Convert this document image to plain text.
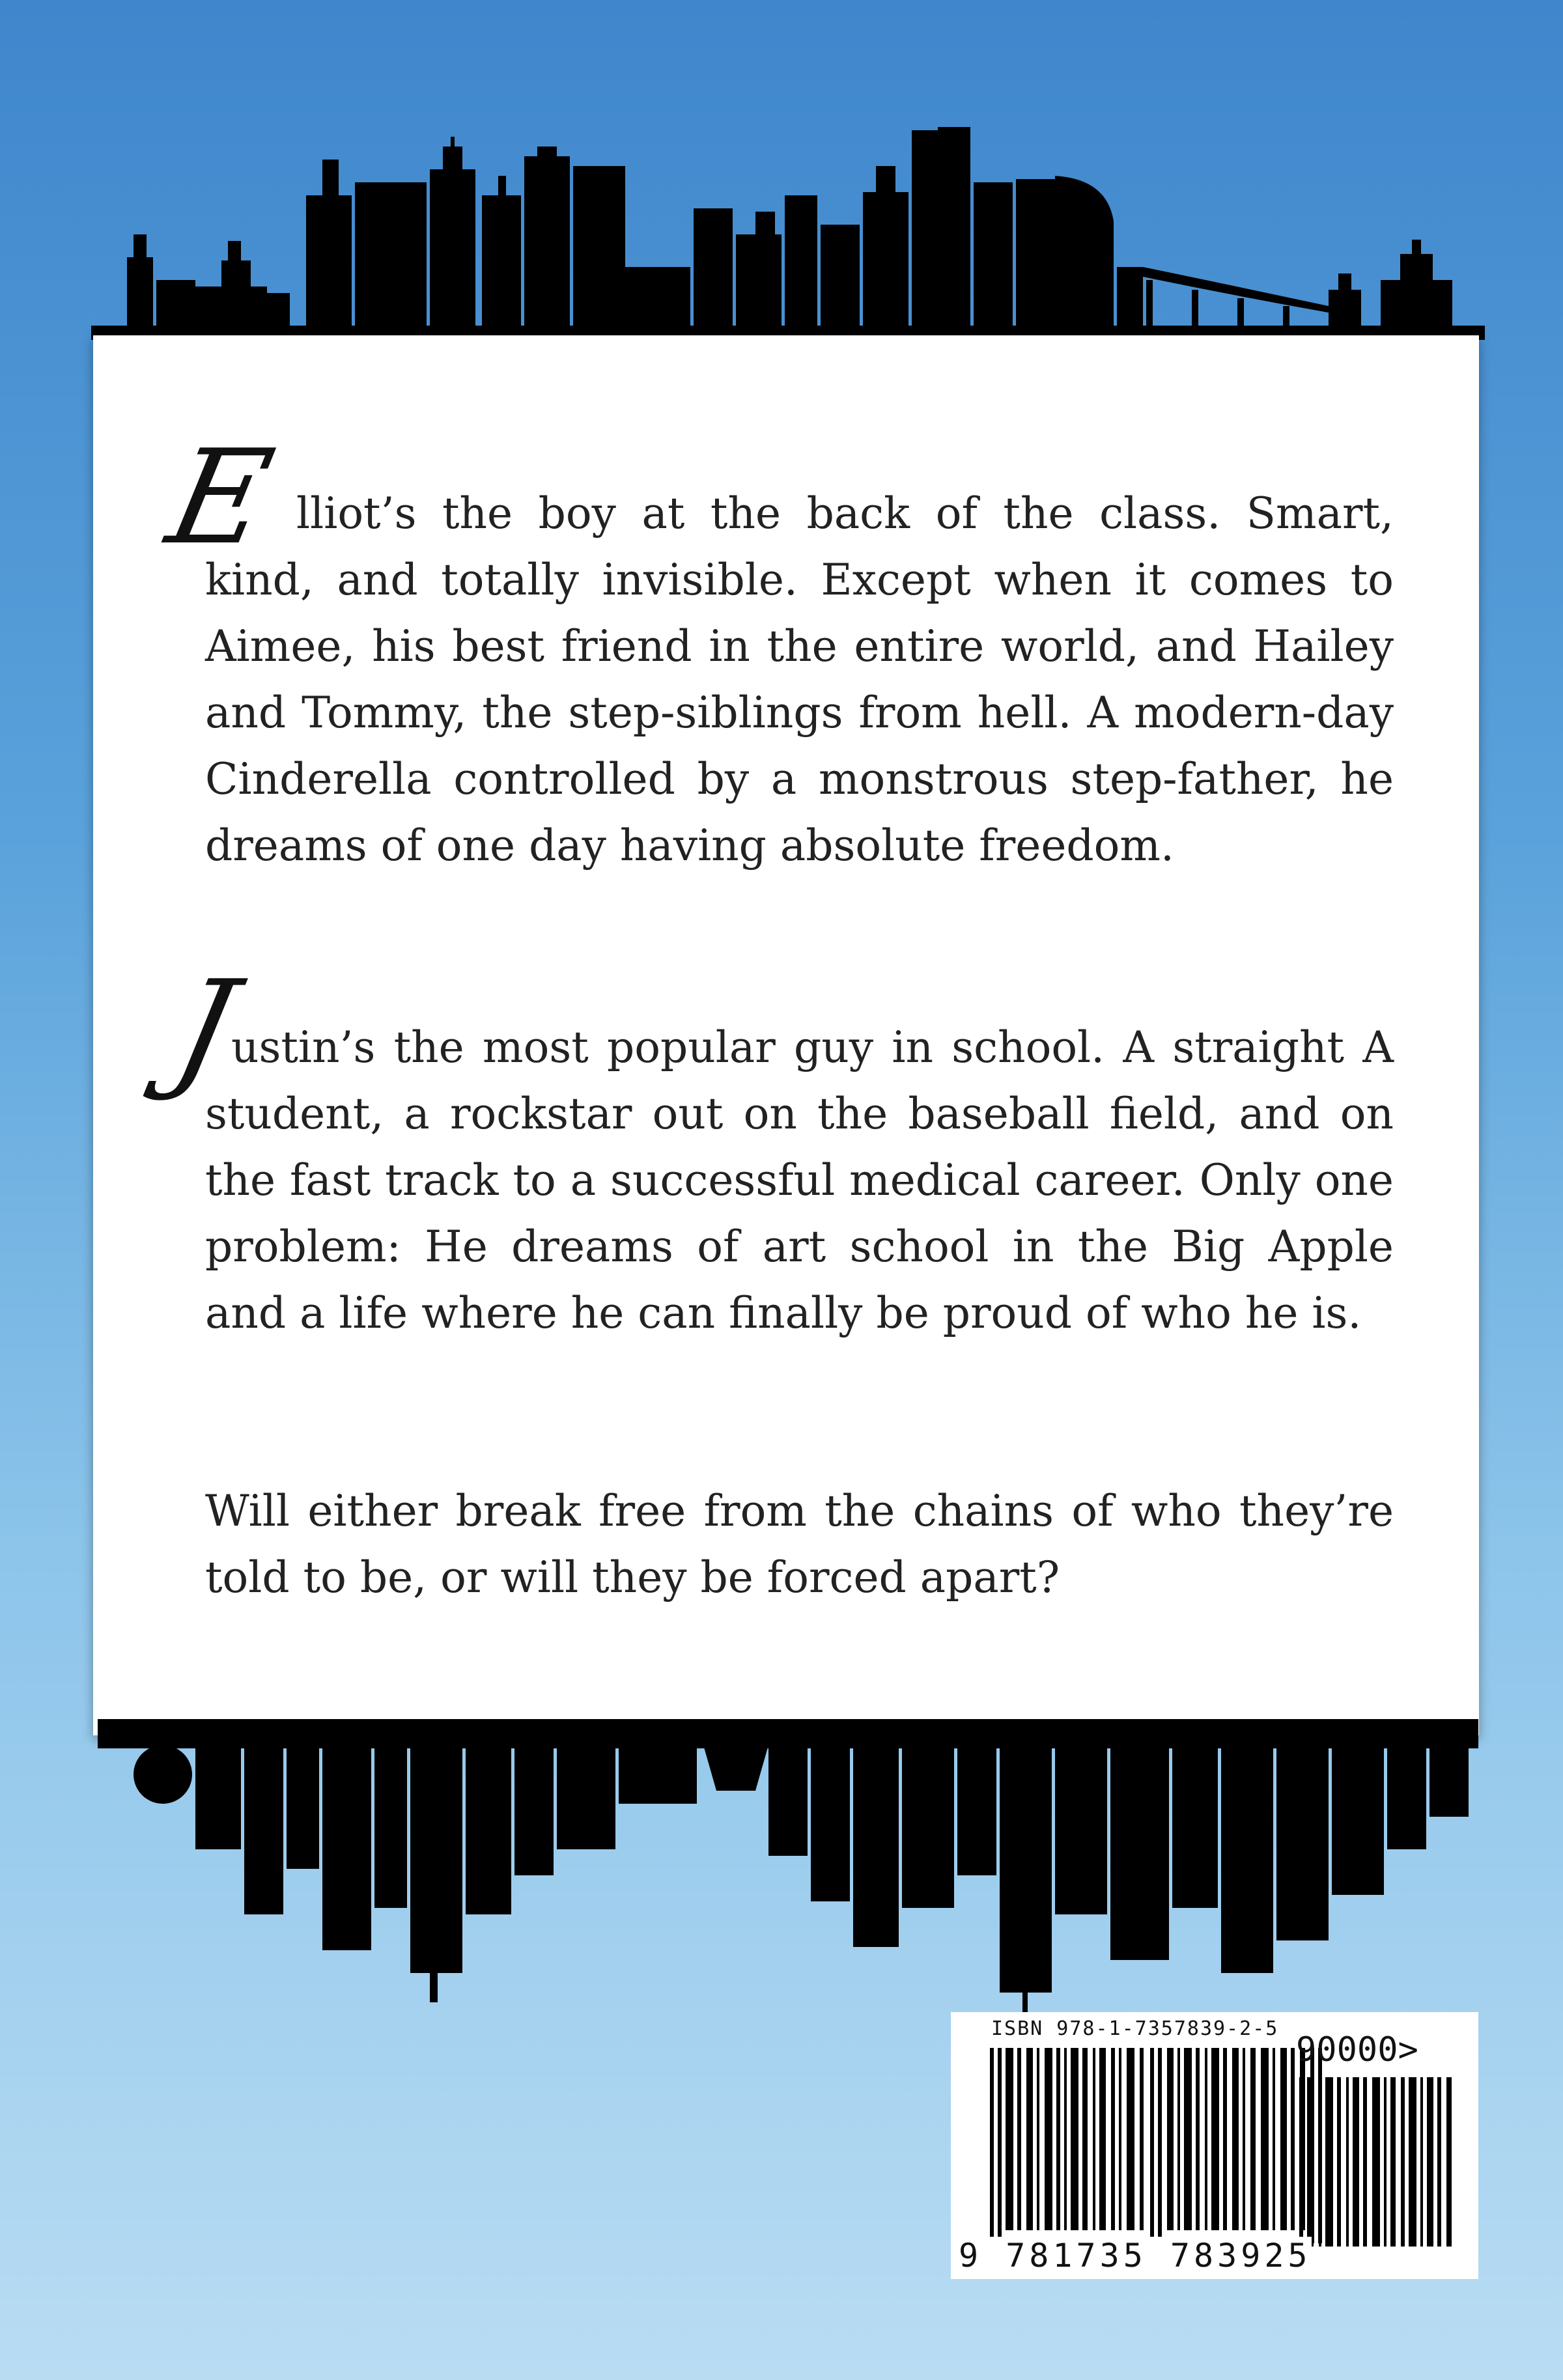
E lliot’s the boy at the back of the class. Smart, kind, and totally invisible. Except when it comes to Aimee, his best friend in the entire world, and Hailey and Tommy, the step-siblings from hell. A modern-day Cinderella controlled by a monstrous step-father, he dreams of one day having absolute freedom.

J

ustin’s the most popular guy in school. A straight A student, a rockstar out on the baseball field, and on the fast track to a successful medical career. Only one problem: He dreams of art school in the Big Apple and a life where he can finally be proud of who he is.

Will either break free from the chains of who they’re told to be, or will they be forced apart?

ISBN 978-1-7357839-2-5
90000>
9 781735 783925
